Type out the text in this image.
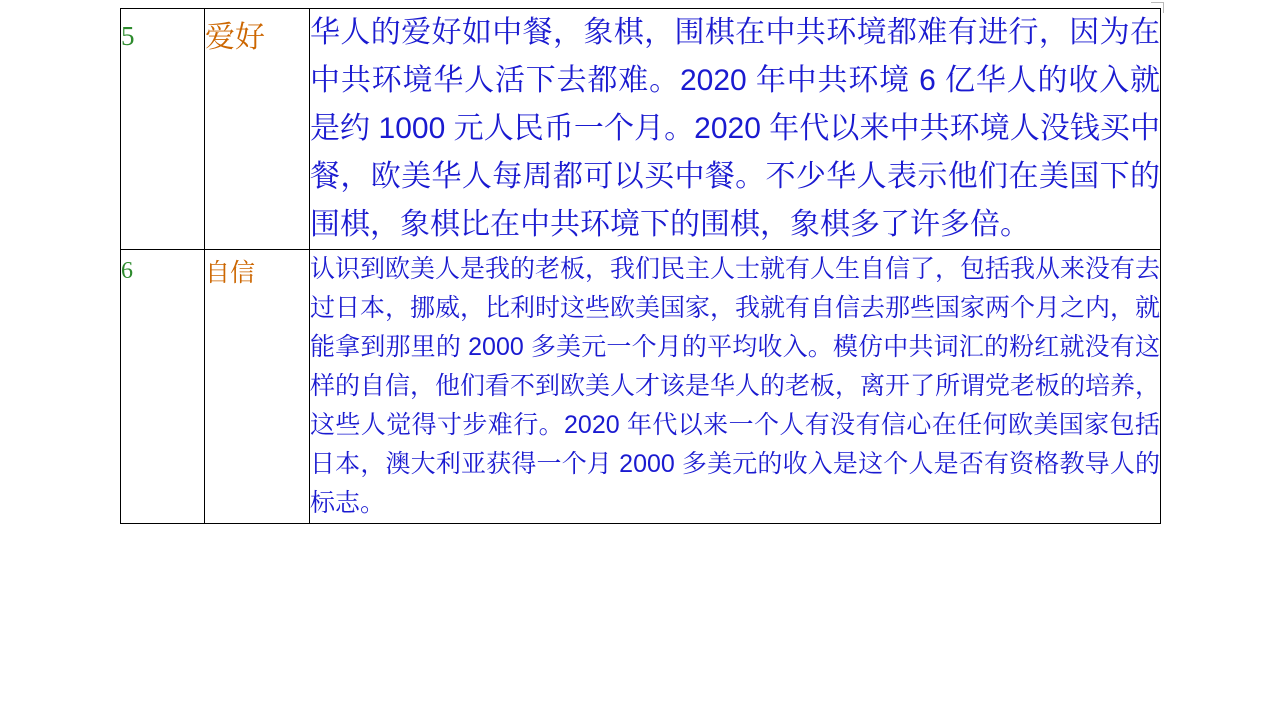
5	爱好	华人的爱好如中餐，象棋，围棋在中共环境都难有进行，因为在中共环境华人活下去都难。2020 年中共环境 6 亿华人的收入就是约 1000 元人民币一个月。2020 年代以来中共环境人没钱买中餐，欧美华人每周都可以买中餐。不少华人表示他们在美国下的围棋，象棋比在中共环境下的围棋，象棋多了许多倍。
6	自信	认识到欧美人是我的老板，我们民主人士就有人生自信了，包括我从来没有去过日本，挪威，比利时这些欧美国家，我就有自信去那些国家两个月之内，就能拿到那里的 2000 多美元一个月的平均收入。模仿中共词汇的粉红就没有这样的自信，他们看不到欧美人才该是华人的老板，离开了所谓党老板的培养，这些人觉得寸步难行。2020 年代以来一个人有没有信心在任何欧美国家包括日本，澳大利亚获得一个月 2000 多美元的收入是这个人是否有资格教导人的标志。
